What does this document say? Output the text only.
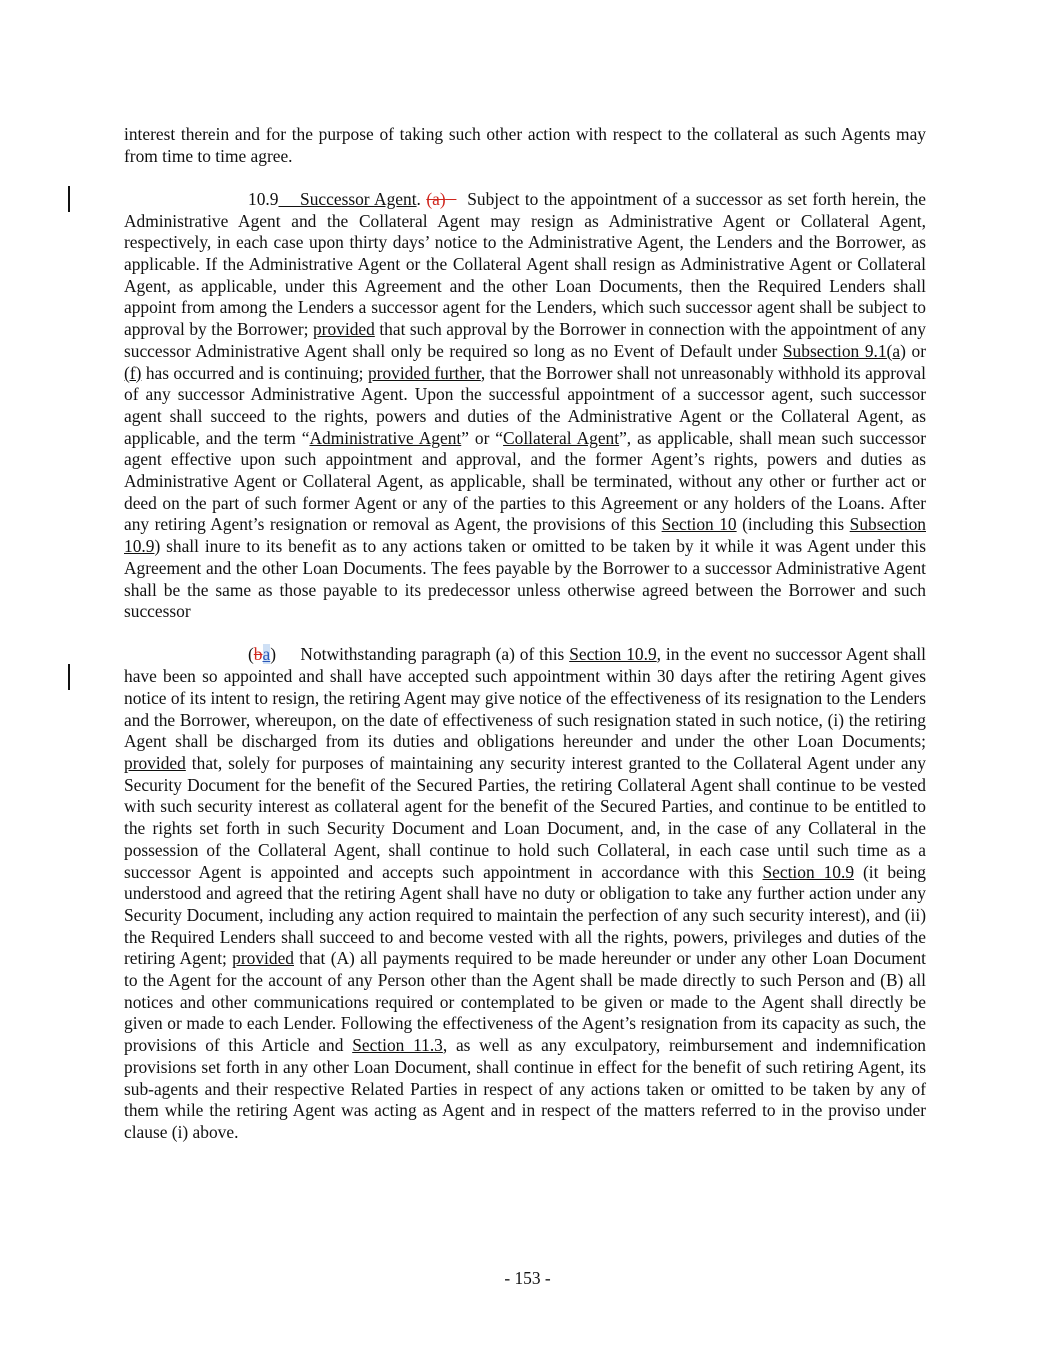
interest therein and for the purpose of taking such other action with respect to the collateral as such Agents may from time to time agree.

10.9 Successor Agent. (a) Subject to the appointment of a successor as set forth herein, the Administrative Agent and the Collateral Agent may resign as Administrative Agent or Collateral Agent, respectively, in each case upon thirty days’ notice to the Administrative Agent, the Lenders and the Borrower, as applicable. If the Administrative Agent or the Collateral Agent shall resign as Administrative Agent or Collateral Agent, as applicable, under this Agreement and the other Loan Documents, then the Required Lenders shall appoint from among the Lenders a successor agent for the Lenders, which such successor agent shall be subject to approval by the Borrower; provided that such approval by the Borrower in connection with the appointment of any successor Administrative Agent shall only be required so long as no Event of Default under Subsection 9.1(a) or (f) has occurred and is continuing; provided further, that the Borrower shall not unreasonably withhold its approval of any successor Administrative Agent. Upon the successful appointment of a successor agent, such successor agent shall succeed to the rights, powers and duties of the Administrative Agent or the Collateral Agent, as applicable, and the term “Administrative Agent” or “Collateral Agent”, as applicable, shall mean such successor agent effective upon such appointment and approval, and the former Agent’s rights, powers and duties as Administrative Agent or Collateral Agent, as applicable, shall be terminated, without any other or further act or deed on the part of such former Agent or any of the parties to this Agreement or any holders of the Loans. After any retiring Agent’s resignation or removal as Agent, the provisions of this Section 10 (including this Subsection 10.9) shall inure to its benefit as to any actions taken or omitted to be taken by it while it was Agent under this Agreement and the other Loan Documents. The fees payable by the Borrower to a successor Administrative Agent shall be the same as those payable to its predecessor unless otherwise agreed between the Borrower and such successor

(ba) Notwithstanding paragraph (a) of this Section 10.9, in the event no successor Agent shall have been so appointed and shall have accepted such appointment within 30 days after the retiring Agent gives notice of its intent to resign, the retiring Agent may give notice of the effectiveness of its resignation to the Lenders and the Borrower, whereupon, on the date of effectiveness of such resignation stated in such notice, (i) the retiring Agent shall be discharged from its duties and obligations hereunder and under the other Loan Documents; provided that, solely for purposes of maintaining any security interest granted to the Collateral Agent under any Security Document for the benefit of the Secured Parties, the retiring Collateral Agent shall continue to be vested with such security interest as collateral agent for the benefit of the Secured Parties, and continue to be entitled to the rights set forth in such Security Document and Loan Document, and, in the case of any Collateral in the possession of the Collateral Agent, shall continue to hold such Collateral, in each case until such time as a successor Agent is appointed and accepts such appointment in accordance with this Section 10.9 (it being understood and agreed that the retiring Agent shall have no duty or obligation to take any further action under any Security Document, including any action required to maintain the perfection of any such security interest), and (ii) the Required Lenders shall succeed to and become vested with all the rights, powers, privileges and duties of the retiring Agent; provided that (A) all payments required to be made hereunder or under any other Loan Document to the Agent for the account of any Person other than the Agent shall be made directly to such Person and (B) all notices and other communications required or contemplated to be given or made to the Agent shall directly be given or made to each Lender. Following the effectiveness of the Agent’s resignation from its capacity as such, the provisions of this Article and Section 11.3, as well as any exculpatory, reimbursement and indemnification provisions set forth in any other Loan Document, shall continue in effect for the benefit of such retiring Agent, its sub-agents and their respective Related Parties in respect of any actions taken or omitted to be taken by any of them while the retiring Agent was acting as Agent and in respect of the matters referred to in the proviso under clause (i) above.

- 153 -
